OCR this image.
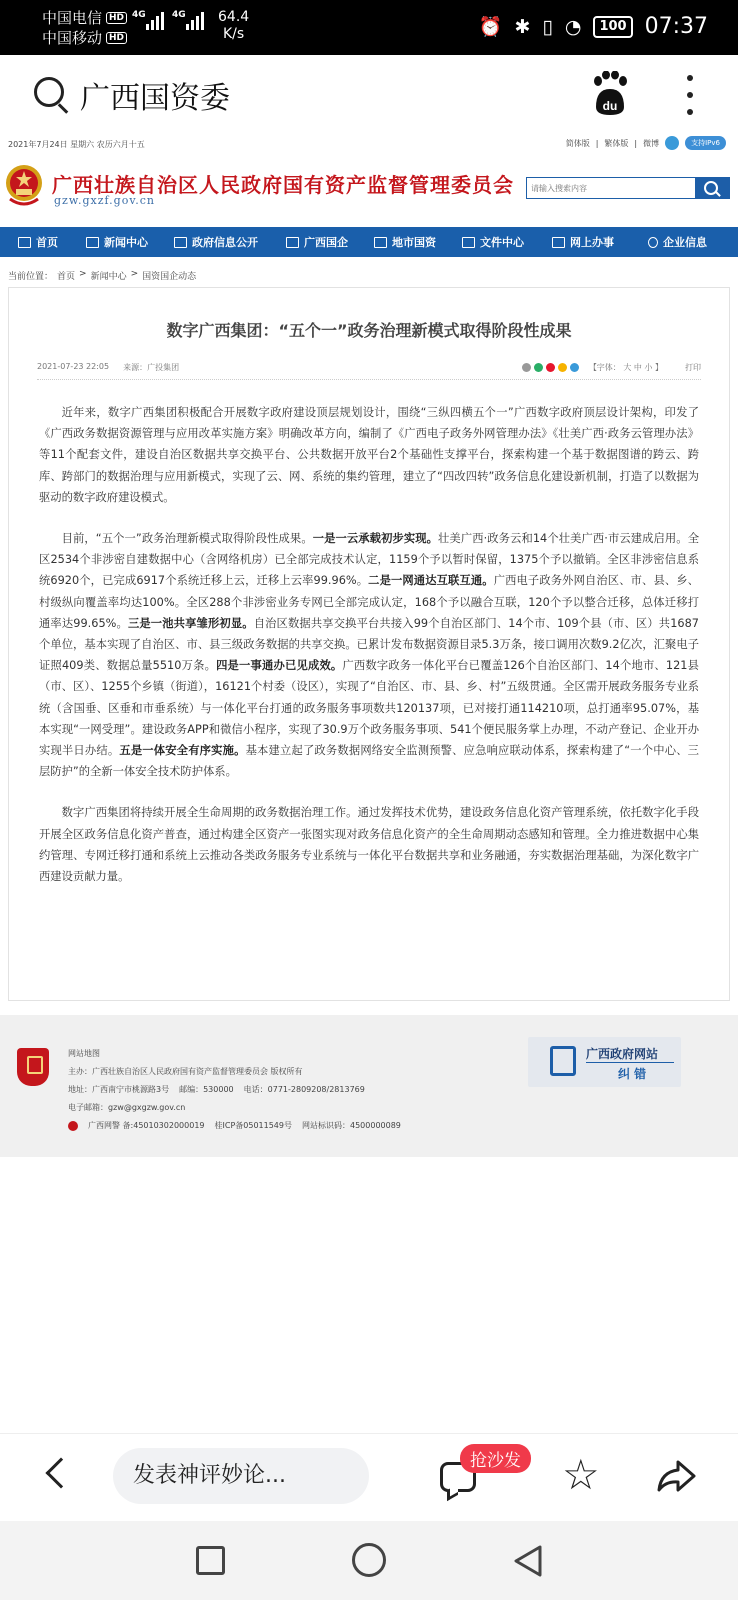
中国电信 HD
中国移动 HD
4G	4G 64.4
K/s	⏰ ✱ ▯ ◔	100 07:37
广西国资委	du
2021年7月24日 星期六 农历六月十五	简体版 | 繁体版 | 微博	支持IPv6
广西壮族自治区人民政府国有资产监督管理委员会
gzw.gxzf.gov.cn
请输入搜索内容
首页	新闻中心	政府信息公开	广西国企	地市国资	文件中心	网上办事	企业信息
当前位置： 首页 > 新闻中心 > 国资国企动态
数字广西集团：“五个一”政务治理新模式取得阶段性成果
2021-07-23 22:05 来源：广投集团	【字体： 大 中 小 】	打印

近年来，数字广西集团积极配合开展数字政府建设顶层规划设计，围绕“三纵四横五个一”广西数字政府顶层设计架构，印发了《广西政务数据资源管理与应用改革实施方案》明确改革方向，编制了《广西电子政务外网管理办法》《壮美广西·政务云管理办法》等11个配套文件，建设自治区数据共享交换平台、公共数据开放平台2个基础性支撑平台，探索构建一个基于数据图谱的跨云、跨库、跨部门的数据治理与应用新模式，实现了云、网、系统的集约管理，建立了“四改四转”政务信息化建设新机制，打造了以数据为驱动的数字政府建设模式。

目前，“五个一”政务治理新模式取得阶段性成果。一是一云承载初步实现。壮美广西·政务云和14个壮美广西·市云建成启用。全区2534个非涉密自建数据中心（含网络机房）已全部完成技术认定，1159个予以暂时保留，1375个予以撤销。全区非涉密信息系统6920个，已完成6917个系统迁移上云，迁移上云率99.96%。二是一网通达互联互通。广西电子政务外网自治区、市、县、乡、村级纵向覆盖率均达100%。全区288个非涉密业务专网已全部完成认定，168个予以融合互联，120个予以整合迁移，总体迁移打通率达99.65%。三是一池共享雏形初显。自治区数据共享交换平台共接入99个自治区部门、14个市、109个县（市、区）共1687个单位，基本实现了自治区、市、县三级政务数据的共享交换。已累计发布数据资源目录5.3万条，接口调用次数9.2亿次，汇聚电子证照409类、数据总量5510万条。四是一事通办已见成效。广西数字政务一体化平台已覆盖126个自治区部门、14个地市、121县（市、区）、1255个乡镇（街道），16121个村委（设区），实现了“自治区、市、县、乡、村”五级贯通。全区需开展政务服务专业系统（含国垂、区垂和市垂系统）与一体化平台打通的政务服务事项数共120137项，已对接打通114210项，总打通率95.07%，基本实现“一网受理”。建设政务APP和微信小程序，实现了30.9万个政务服务事项、541个便民服务掌上办理，不动产登记、企业开办实现半日办结。五是一体安全有序实施。基本建立起了政务数据网络安全监测预警、应急响应联动体系，探索构建了“一个中心、三层防护”的全新一体安全技术防护体系。

数字广西集团将持续开展全生命周期的政务数据治理工作。通过发挥技术优势，建设政务信息化资产管理系统，依托数字化手段开展全区政务信息化资产普查，通过构建全区资产一张图实现对政务信息化资产的全生命周期动态感知和管理。全力推进数据中心集约管理、专网迁移打通和系统上云推动各类政务服务专业系统与一体化平台数据共享和业务融通，夯实数据治理基础，为深化数字广西建设贡献力量。

网站地图
主办：广西壮族自治区人民政府国有资产监督管理委员会 版权所有
地址：广西南宁市桃源路3号 邮编：530000 电话：0771-2809208/2813769
电子邮箱：gzw@gxgzw.gov.cn
广西网警 备:45010302000019 桂ICP备05011549号 网站标识码：4500000089
广西政府网站
纠 错
发表神评妙论...
抢沙发 ☆
